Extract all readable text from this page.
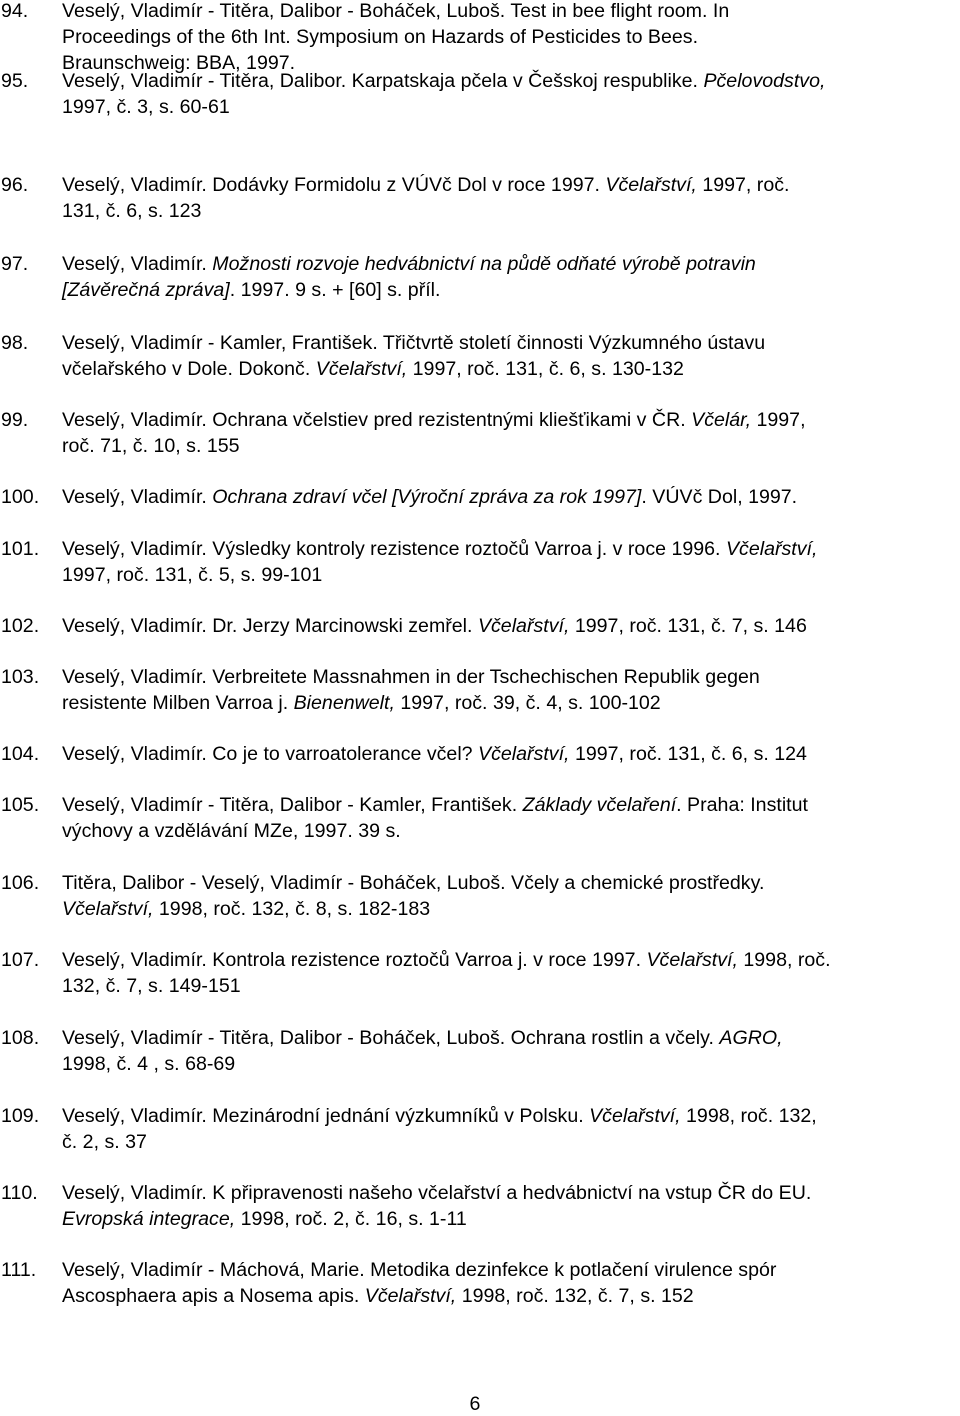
6
94. Veselý, Vladimír - Titěra, Dalibor - Boháček, Luboš. Test in bee flight room. In
Proceedings of the 6th Int. Symposium on Hazards of Pesticides to Bees.
Braunschweig: BBA, 1997.
95. Veselý, Vladimír - Titěra, Dalibor. Karpatskaja pčela v Češskoj respublike. Pčelovodstvo,
1997, č. 3, s. 60-61
96. Veselý, Vladimír. Dodávky Formidolu z VÚVč Dol v roce 1997. Včelařství, 1997, roč.
131, č. 6, s. 123
97. Veselý, Vladimír. Možnosti rozvoje hedvábnictví na půdě odňaté výrobě potravin
[Závěrečná zpráva]. 1997. 9 s. + [60] s. příl.
98. Veselý, Vladimír - Kamler, František. Třičtvrtě století činnosti Výzkumného ústavu
včelařského v Dole. Dokonč. Včelařství, 1997, roč. 131, č. 6, s. 130-132
99. Veselý, Vladimír. Ochrana včelstiev pred rezistentnými kliešťikami v ČR. Včelár, 1997,
roč. 71, č. 10, s. 155
100. Veselý, Vladimír. Ochrana zdraví včel [Výroční zpráva za rok 1997]. VÚVč Dol, 1997.
101. Veselý, Vladimír. Výsledky kontroly rezistence roztočů Varroa j. v roce 1996. Včelařství,
1997, roč. 131, č. 5, s. 99-101
102. Veselý, Vladimír. Dr. Jerzy Marcinowski zemřel. Včelařství, 1997, roč. 131, č. 7, s. 146
103. Veselý, Vladimír. Verbreitete Massnahmen in der Tschechischen Republik gegen
resistente Milben Varroa j. Bienenwelt, 1997, roč. 39, č. 4, s. 100-102
104. Veselý, Vladimír. Co je to varroatolerance včel? Včelařství, 1997, roč. 131, č. 6, s. 124
105. Veselý, Vladimír - Titěra, Dalibor - Kamler, František. Základy včelaření. Praha: Institut
výchovy a vzdělávání MZe, 1997. 39 s.
106. Titěra, Dalibor - Veselý, Vladimír - Boháček, Luboš. Včely a chemické prostředky.
Včelařství, 1998, roč. 132, č. 8, s. 182-183
107. Veselý, Vladimír. Kontrola rezistence roztočů Varroa j. v roce 1997. Včelařství, 1998, roč.
132, č. 7, s. 149-151
108. Veselý, Vladimír - Titěra, Dalibor - Boháček, Luboš. Ochrana rostlin a včely. AGRO,
1998, č. 4 , s. 68-69
109. Veselý, Vladimír. Mezinárodní jednání výzkumníků v Polsku. Včelařství, 1998, roč. 132,
č. 2, s. 37
110. Veselý, Vladimír. K připravenosti našeho včelařství a hedvábnictví na vstup ČR do EU.
Evropská integrace, 1998, roč. 2, č. 16, s. 1-11
111. Veselý, Vladimír - Máchová, Marie. Metodika dezinfekce k potlačení virulence spór
Ascosphaera apis a Nosema apis. Včelařství, 1998, roč. 132, č. 7, s. 152
